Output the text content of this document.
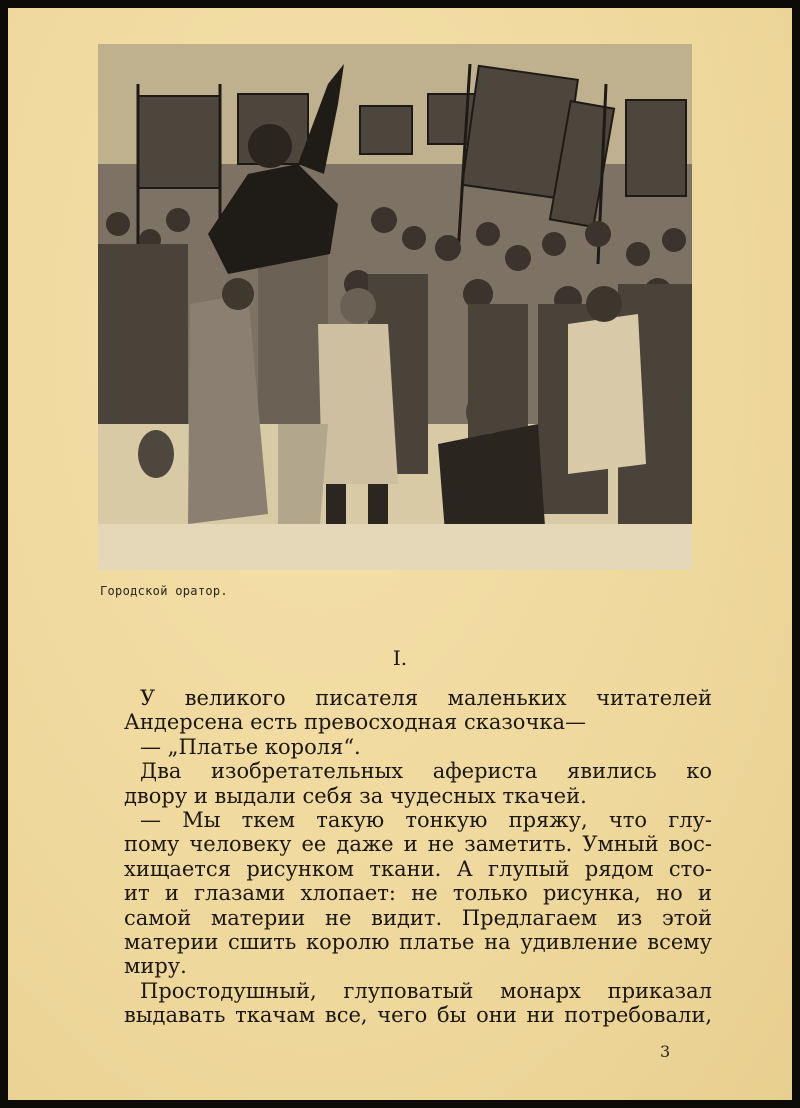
Городской оратор.
I.
У великого писателя маленьких читателей
Андерсена есть превосходная сказочка—
— „Платье короля“.
Два изобретательных афериста явились ко
двору и выдали себя за чудесных ткачей.
— Мы ткем такую тонкую пряжу, что глу-
пому человеку ее даже и не заметить. Умный вос-
хищается рисунком ткани. А глупый рядом сто-
ит и глазами хлопает: не только рисунка, но и
самой материи не видит. Предлагаем из этой
материи сшить королю платье на удивление всему
миру.
Простодушный, глуповатый монарх приказал
выдавать ткачам все, чего бы они ни потребовали,
3
